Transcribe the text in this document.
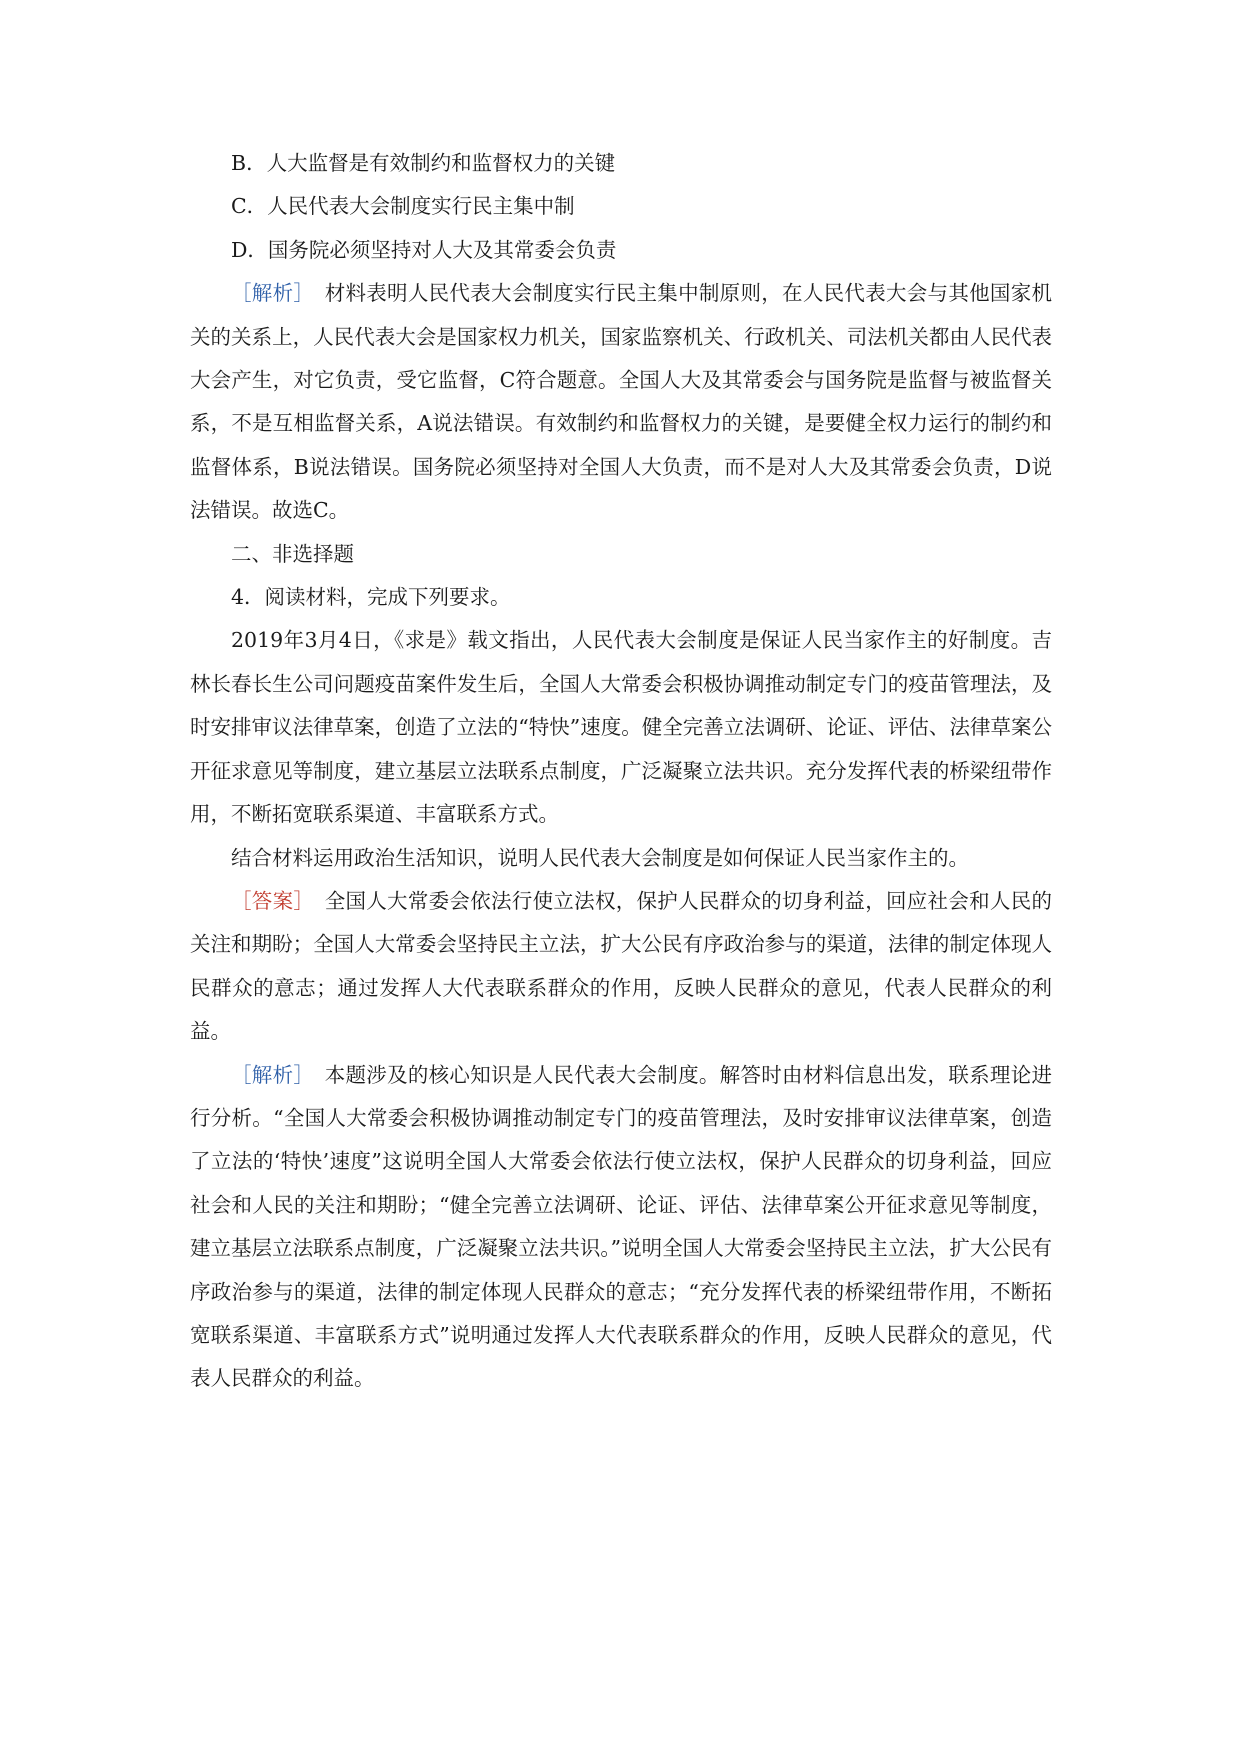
B．人大监督是有效制约和监督权力的关键

C．人民代表大会制度实行民主集中制

D．国务院必须坚持对人大及其常委会负责

［解析］　材料表明人民代表大会制度实行民主集中制原则，在人民代表大会与其他国家机关的关系上，人民代表大会是国家权力机关，国家监察机关、行政机关、司法机关都由人民代表大会产生，对它负责，受它监督，C符合题意。全国人大及其常委会与国务院是监督与被监督关系，不是互相监督关系，A说法错误。有效制约和监督权力的关键，是要健全权力运行的制约和监督体系，B说法错误。国务院必须坚持对全国人大负责，而不是对人大及其常委会负责，D说法错误。故选C。

二、非选择题

4．阅读材料，完成下列要求。

2019年3月4日，《求是》载文指出，人民代表大会制度是保证人民当家作主的好制度。吉林长春长生公司问题疫苗案件发生后，全国人大常委会积极协调推动制定专门的疫苗管理法，及时安排审议法律草案，创造了立法的“特快”速度。健全完善立法调研、论证、评估、法律草案公开征求意见等制度，建立基层立法联系点制度，广泛凝聚立法共识。充分发挥代表的桥梁纽带作用，不断拓宽联系渠道、丰富联系方式。

结合材料运用政治生活知识，说明人民代表大会制度是如何保证人民当家作主的。

［答案］　全国人大常委会依法行使立法权，保护人民群众的切身利益，回应社会和人民的关注和期盼；全国人大常委会坚持民主立法，扩大公民有序政治参与的渠道，法律的制定体现人民群众的意志；通过发挥人大代表联系群众的作用，反映人民群众的意见，代表人民群众的利益。

［解析］　本题涉及的核心知识是人民代表大会制度。解答时由材料信息出发，联系理论进行分析。“全国人大常委会积极协调推动制定专门的疫苗管理法，及时安排审议法律草案，创造了立法的‘特快’速度”这说明全国人大常委会依法行使立法权，保护人民群众的切身利益，回应社会和人民的关注和期盼；“健全完善立法调研、论证、评估、法律草案公开征求意见等制度，建立基层立法联系点制度，广泛凝聚立法共识。”说明全国人大常委会坚持民主立法，扩大公民有序政治参与的渠道，法律的制定体现人民群众的意志；“充分发挥代表的桥梁纽带作用，不断拓宽联系渠道、丰富联系方式”说明通过发挥人大代表联系群众的作用，反映人民群众的意见，代表人民群众的利益。
